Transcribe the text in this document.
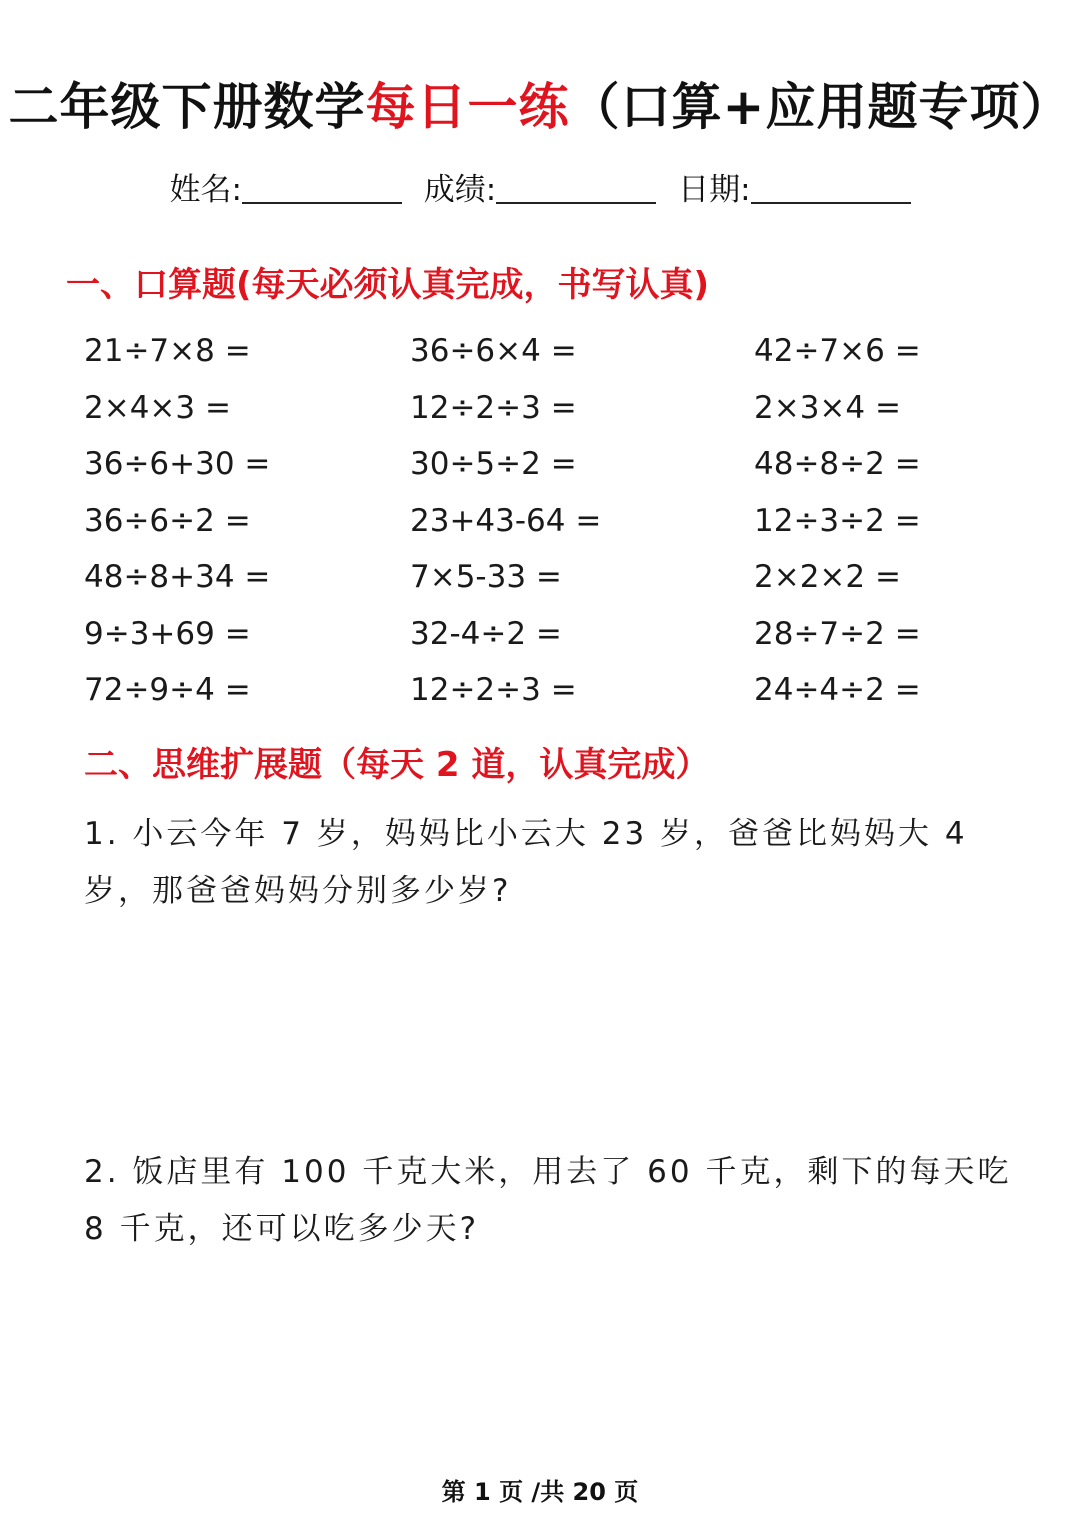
二年级下册数学每日一练（口算+应用题专项）
姓名:	成绩:	日期:
一、口算题(每天必须认真完成，书写认真)
21÷7×8 =	36÷6×4 =	42÷7×6 =
2×4×3 =	12÷2÷3 =	2×3×4 =
36÷6+30 =	30÷5÷2 =	48÷8÷2 =
36÷6÷2 =	23+43-64 =	12÷3÷2 =
48÷8+34 =	7×5-33 =	2×2×2 =
9÷3+69 =	32-4÷2 =	28÷7÷2 =
72÷9÷4 =	12÷2÷3 =	24÷4÷2 =
二、思维扩展题（每天 2 道，认真完成）
1. 小云今年 7 岁，妈妈比小云大 23 岁，爸爸比妈妈大 4 岁，那爸爸妈妈分别多少岁?
2. 饭店里有 100 千克大米，用去了 60 千克，剩下的每天吃 8 千克，还可以吃多少天?
第 1 页 /共 20 页
